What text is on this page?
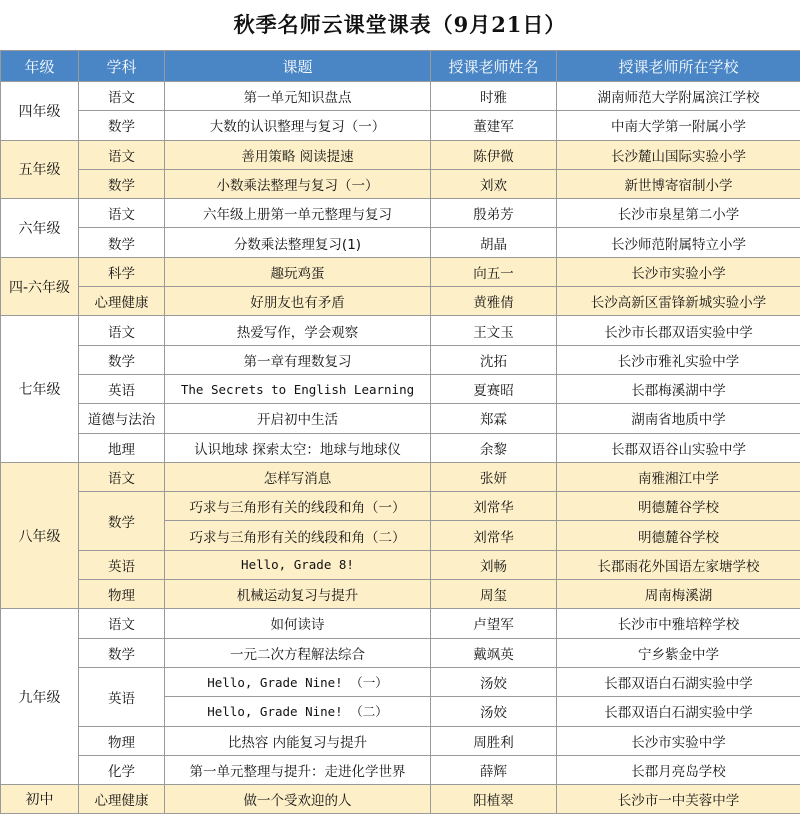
秋季名师云课堂课表（9月21日）
年级	学科	课题	授课老师姓名	授课老师所在学校
四年级	语文	第一单元知识盘点	时雅	湖南师范大学附属滨江学校
	数学	大数的认识整理与复习（一）	董建军	中南大学第一附属小学
五年级	语文	善用策略 阅读提速	陈伊微	长沙麓山国际实验小学
	数学	小数乘法整理与复习（一）	刘欢	新世博寄宿制小学
六年级	语文	六年级上册第一单元整理与复习	殷弟芳	长沙市泉星第二小学
	数学	分数乘法整理复习(1)	胡晶	长沙师范附属特立小学
四-六年级	科学	趣玩鸡蛋	向五一	长沙市实验小学
	心理健康	好朋友也有矛盾	黄雅倩	长沙高新区雷锋新城实验小学
七年级	语文	热爱写作，学会观察	王文玉	长沙市长郡双语实验中学
	数学	第一章有理数复习	沈拓	长沙市雅礼实验中学
	英语	The Secrets to English Learning	夏赛昭	长郡梅溪湖中学
	道德与法治	开启初中生活	郑霖	湖南省地质中学
	地理	认识地球 探索太空：地球与地球仪	余黎	长郡双语谷山实验中学
八年级	语文	怎样写消息	张妍	南雅湘江中学
	数学	巧求与三角形有关的线段和角（一）	刘常华	明德麓谷学校
		巧求与三角形有关的线段和角（二）	刘常华	明德麓谷学校
	英语	Hello, Grade 8!	刘畅	长郡雨花外国语左家塘学校
	物理	机械运动复习与提升	周玺	周南梅溪湖
九年级	语文	如何读诗	卢望军	长沙市中雅培粹学校
	数学	一元二次方程解法综合	戴飒英	宁乡紫金中学
	英语	Hello, Grade Nine! （一）	汤姣	长郡双语白石湖实验中学
		Hello, Grade Nine! （二）	汤姣	长郡双语白石湖实验中学
	物理	比热容 内能复习与提升	周胜利	长沙市实验中学
	化学	第一单元整理与提升：走进化学世界	薛辉	长郡月亮岛学校
初中	心理健康	做一个受欢迎的人	阳植翠	长沙市一中芙蓉中学
